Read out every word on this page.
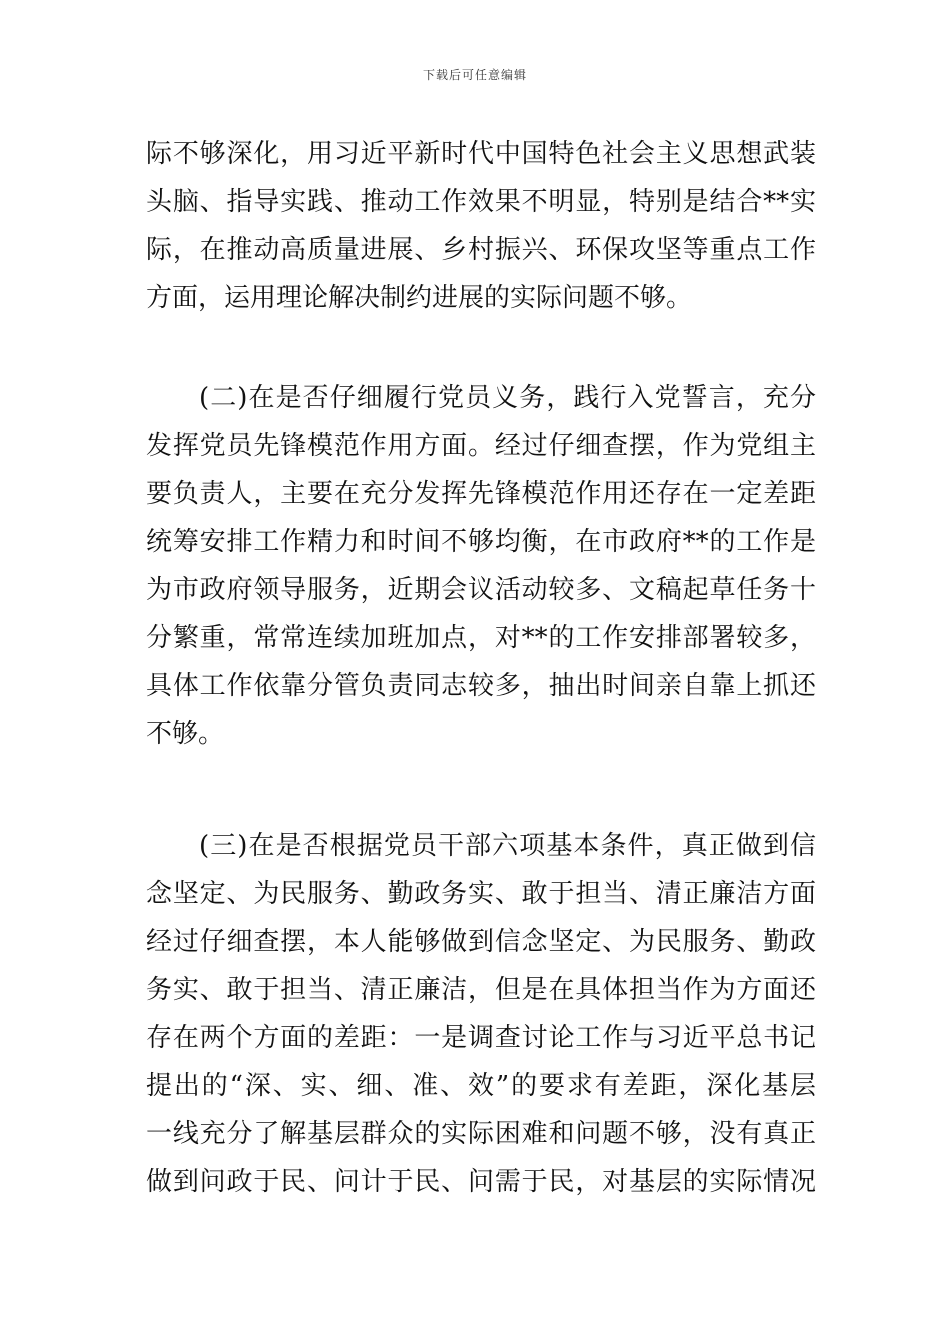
下载后可任意编辑
际不够深化，用习近平新时代中国特色社会主义思想武装
头脑、指导实践、推动工作效果不明显，特别是结合**实
际，在推动高质量进展、乡村振兴、环保攻坚等重点工作
方面，运用理论解决制约进展的实际问题不够。
(二)在是否仔细履行党员义务，践行入党誓言，充分
发挥党员先锋模范作用方面。经过仔细查摆，作为党组主
要负责人，主要在充分发挥先锋模范作用还存在一定差距
统筹安排工作精力和时间不够均衡，在市政府**的工作是
为市政府领导服务，近期会议活动较多、文稿起草任务十
分繁重，常常连续加班加点，对**的工作安排部署较多，
具体工作依靠分管负责同志较多，抽出时间亲自靠上抓还
不够。
(三)在是否根据党员干部六项基本条件，真正做到信
念坚定、为民服务、勤政务实、敢于担当、清正廉洁方面
经过仔细查摆，本人能够做到信念坚定、为民服务、勤政
务实、敢于担当、清正廉洁，但是在具体担当作为方面还
存在两个方面的差距：一是调查讨论工作与习近平总书记
提出的“深、实、细、准、效”的要求有差距，深化基层
一线充分了解基层群众的实际困难和问题不够，没有真正
做到问政于民、问计于民、问需于民，对基层的实际情况
